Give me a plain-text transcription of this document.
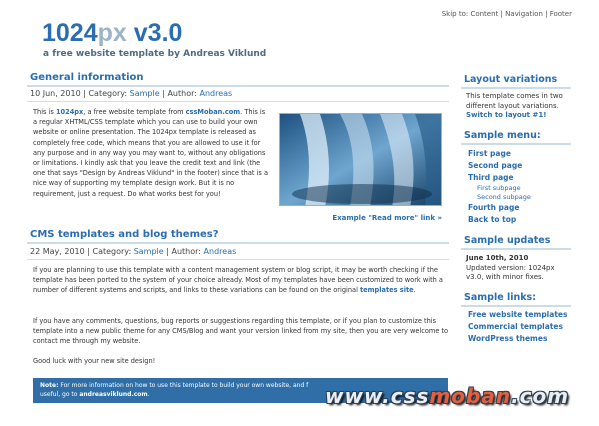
Skip to: Content | Navigation | Footer
1024px v3.0
a free website template by Andreas Viklund
General information
10 Jun, 2010 | Category: Sample | Author: Andreas

This is 1024px, a free website template from cssMoban.com. This is a regular XHTML/CSS template which you can use to build your own website or online presentation. The 1024px template is released as completely free code, which means that you are allowed to use it for any purpose and in any way you may want to, without any obligations or limitations. I kindly ask that you leave the credit text and link (the one that says "Design by Andreas Viklund" in the footer) since that is a nice way of supporting my template design work. But it is no requirement, just a request. Do what works best for you!

Example "Read more" link »
CMS templates and blog themes?
22 May, 2010 | Category: Sample | Author: Andreas

If you are planning to use this template with a content management system or blog script, it may be worth checking if the template has been ported to the system of your choice already. Most of my templates have been customized to work with a number of different systems and scripts, and links to these variations can be found on the original templates site.

If you have any comments, questions, bug reports or suggestions regarding this template, or if you plan to customize this template into a new public theme for any CMS/Blog and want your version linked from my site, then you are very welcome to contact me through my website.

Good luck with your new site design!

Note: For more information on how to use this template to build your own website, and f
useful, go to andreasviklund.com.
Layout variations
This template comes in two different layout variations.
Switch to layout #1!
Sample menu:
First page
Second page
Third page
First subpage
Second subpage
Fourth page
Back to top
Sample updates
June 10th, 2010
Updated version: 1024px v3.0, with minor fixes.
Sample links:
Free website templates
Commercial templates
WordPress themes
www.cssmoban.com
